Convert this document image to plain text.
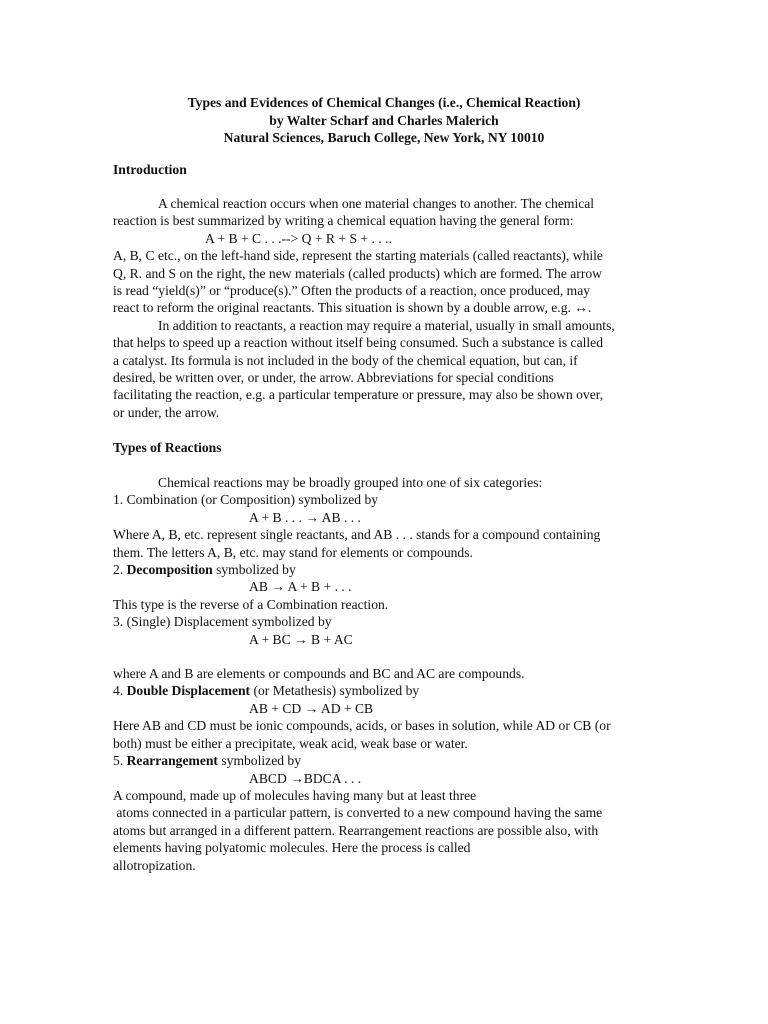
Types and Evidences of Chemical Changes (i.e., Chemical Reaction)
by Walter Scharf and Charles Malerich
Natural Sciences, Baruch College, New York, NY 10010
Introduction
A chemical reaction occurs when one material changes to another. The chemical
reaction is best summarized by writing a chemical equation having the general form:
A + B + C . . .--> Q + R + S + . . ..
A, B, C etc., on the left-hand side, represent the starting materials (called reactants), while
Q, R. and S on the right, the new materials (called products) which are formed. The arrow
is read “yield(s)” or “produce(s).” Often the products of a reaction, once produced, may
react to reform the original reactants. This situation is shown by a double arrow, e.g. ↔.
In addition to reactants, a reaction may require a material, usually in small amounts,
that helps to speed up a reaction without itself being consumed. Such a substance is called
a catalyst. Its formula is not included in the body of the chemical equation, but can, if
desired, be written over, or under, the arrow. Abbreviations for special conditions
facilitating the reaction, e.g. a particular temperature or pressure, may also be shown over,
or under, the arrow.
Types of Reactions
Chemical reactions may be broadly grouped into one of six categories:
1. Combination (or Composition) symbolized by
A + B . . . → AB . . .
Where A, B, etc. represent single reactants, and AB . . . stands for a compound containing
them. The letters A, B, etc. may stand for elements or compounds.
2. Decomposition symbolized by
AB → A + B + . . .
This type is the reverse of a Combination reaction.
3. (Single) Displacement symbolized by
A + BC → B + AC
where A and B are elements or compounds and BC and AC are compounds.
4. Double Displacement (or Metathesis) symbolized by
AB + CD → AD + CB
Here AB and CD must be ionic compounds, acids, or bases in solution, while AD or CB (or
both) must be either a precipitate, weak acid, weak base or water.
5. Rearrangement symbolized by
ABCD →BDCA . . .
A compound, made up of molecules having many but at least three
atoms connected in a particular pattern, is converted to a new compound having the same
atoms but arranged in a different pattern. Rearrangement reactions are possible also, with
elements having polyatomic molecules. Here the process is called
allotropization.
